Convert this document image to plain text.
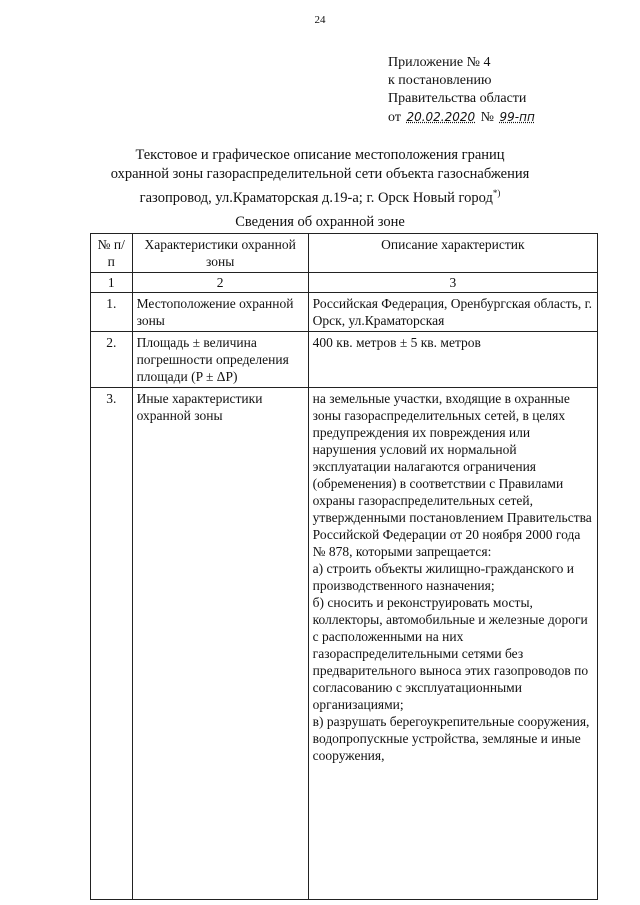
24
Приложение № 4
к постановлению
Правительства области
от 20.02.2020 № 99-пп
Текстовое и графическое описание местоположения границ
охранной зоны газораспределительной сети объекта газоснабжения
газопровод, ул.Краматорская д.19-а; г. Орск Новый город*)
Сведения об охранной зоне
№ п/п	Характеристики охранной зоны	Описание характеристик
1	2	3
1.	Местоположение охранной зоны	Российская Федерация, Оренбургская область, г. Орск, ул.Краматорская
2.	Площадь ± величина погрешности определения площади (P ± ΔP)	400 кв. метров ± 5 кв. метров
3.	Иные характеристики охранной зоны	на земельные участки, входящие в охранные зоны газораспределительных сетей, в целях предупреждения их повреждения или нарушения условий их нормальной эксплуатации налагаются ограничения (обременения) в соответствии с Правилами охраны газораспределительных сетей, утвержденными постановлением Правительства Российской Федерации от 20 ноября 2000 года № 878, которыми запрещается:
а) строить объекты жилищно-гражданского и производственного назначения;
б) сносить и реконструировать мосты, коллекторы, автомобильные и железные дороги с расположенными на них газораспределительными сетями без предварительного выноса этих газопроводов по согласованию с эксплуатационными организациями;
в) разрушать берегоукрепительные сооружения, водопропускные устройства, земляные и иные сооружения,
